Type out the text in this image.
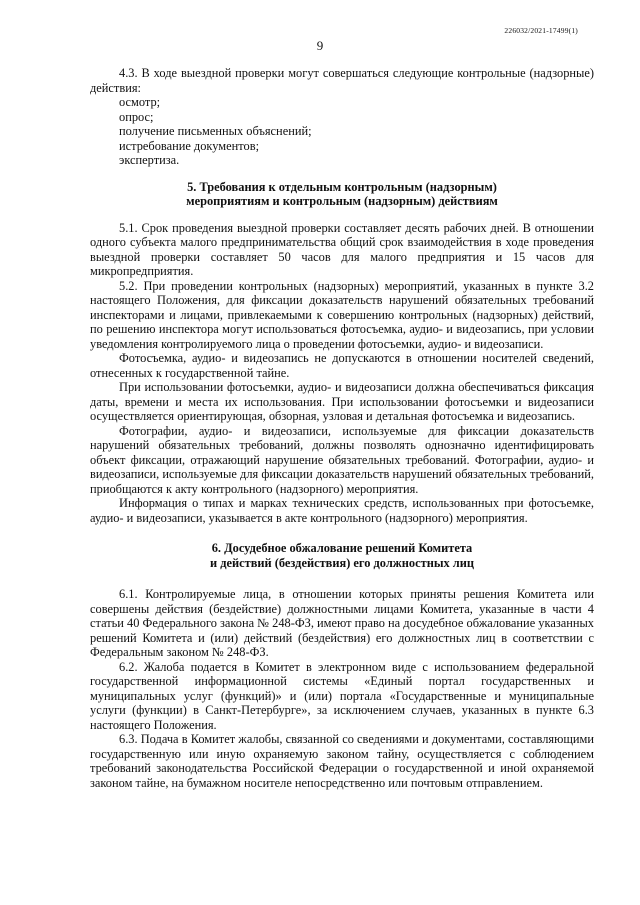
226032/2021-17499(1)
9

4.3. В ходе выездной проверки могут совершаться следующие контрольные (надзорные) действия:

осмотр;

опрос;

получение письменных объяснений;

истребование документов;

экспертиза.

5. Требования к отдельным контрольным (надзорным)
мероприятиям и контрольным (надзорным) действиям

5.1. Срок проведения выездной проверки составляет десять рабочих дней. В отношении одного субъекта малого предпринимательства общий срок взаимодействия в ходе проведения выездной проверки составляет 50 часов для малого предприятия и 15 часов для микропредприятия.

5.2. При проведении контрольных (надзорных) мероприятий, указанных в пункте 3.2 настоящего Положения, для фиксации доказательств нарушений обязательных требований инспекторами и лицами, привлекаемыми к совершению контрольных (надзорных) действий, по решению инспектора могут использоваться фотосъемка, аудио- и видеозапись, при условии уведомления контролируемого лица о проведении фотосъемки, аудио- и видеозаписи.

Фотосъемка, аудио- и видеозапись не допускаются в отношении носителей сведений, отнесенных к государственной тайне.

При использовании фотосъемки, аудио- и видеозаписи должна обеспечиваться фиксация даты, времени и места их использования. При использовании фотосъемки и видеозаписи осуществляется ориентирующая, обзорная, узловая и детальная фотосъемка и видеозапись.

Фотографии, аудио- и видеозаписи, используемые для фиксации доказательств нарушений обязательных требований, должны позволять однозначно идентифицировать объект фиксации, отражающий нарушение обязательных требований. Фотографии, аудио- и видеозаписи, используемые для фиксации доказательств нарушений обязательных требований, приобщаются к акту контрольного (надзорного) мероприятия.

Информация о типах и марках технических средств, использованных при фотосъемке, аудио- и видеозаписи, указывается в акте контрольного (надзорного) мероприятия.

6. Досудебное обжалование решений Комитета
и действий (бездействия) его должностных лиц

6.1. Контролируемые лица, в отношении которых приняты решения Комитета или совершены действия (бездействие) должностными лицами Комитета, указанные в части 4 статьи 40 Федерального закона № 248-ФЗ, имеют право на досудебное обжалование указанных решений Комитета и (или) действий (бездействия) его должностных лиц в соответствии с Федеральным законом № 248-ФЗ.

6.2. Жалоба подается в Комитет в электронном виде с использованием федеральной государственной информационной системы «Единый портал государственных и муниципальных услуг (функций)» и (или) портала «Государственные и муниципальные услуги (функции) в Санкт-Петербурге», за исключением случаев, указанных в пункте 6.3 настоящего Положения.

6.3. Подача в Комитет жалобы, связанной со сведениями и документами, составляющими государственную или иную охраняемую законом тайну, осуществляется с соблюдением требований законодательства Российской Федерации о государственной и иной охраняемой законом тайне, на бумажном носителе непосредственно или почтовым отправлением.
